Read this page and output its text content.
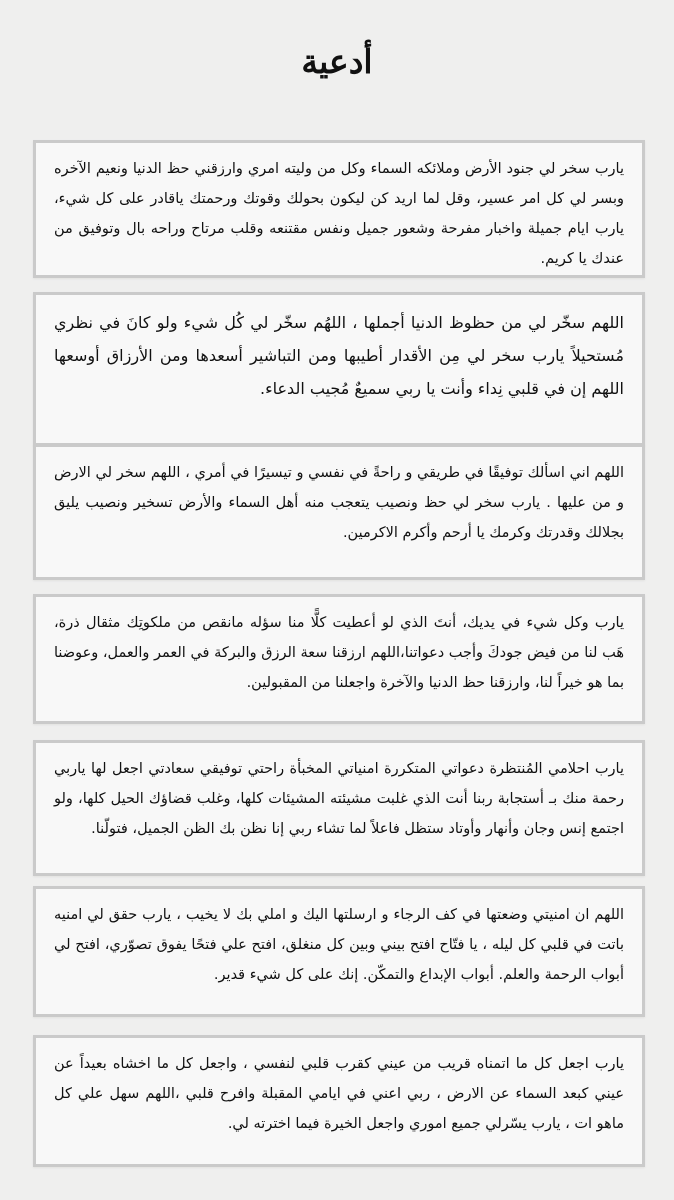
أدعية

يارب سخر لي جنود الأرض وملائكه السماء وكل من وليته امري وارزقني حظ الدنيا ونعيم الآخره وبسر لي كل امر عسير، وقل لما اريد كن ليكون بحولك وقوتك ورحمتك ياقادر على كل شيء، يارب ايام جميلة واخبار مفرحة وشعور جميل ونفس مقتنعه وقلب مرتاح وراحه بال وتوفيق من عندك يا كريم.

اللهم سخّر لي من حظوظ الدنيا أجملها ، اللهُم سخّر لي كُل شيء ولو كانَ في نظري مُستحيلاً يارب سخر لي مِن الأقدار أطيبها ومن التباشير أسعدها ومن الأرزاق أوسعها اللهم إن في قلبي نِداء وأنت يا ربي سميعٌ مُجيب الدعاء.

اللهم اني اسألك توفيقًا في طريقي و راحةً في نفسي و تيسيرًا في أمري ، اللهم سخر لي الارض و من عليها . يارب سخر لي حظ ونصيب يتعجب منه أهل السماء والأرض تسخير ونصيب يليق بجلالك وقدرتك وكرمك يا أرحم وأكرم الاكرمين.

يارب وكل شيء في يديك، أنتَ الذي لو أعطيت كلًّا منا سؤله مانقص من ملكوتِك مثقال ذرة، هَب لنا من فيض جودكَ وأجب دعواتنا،اللهم ارزقنا سعة الرزق والبركة في العمر والعمل، وعوضنا بما هو خيراً لنا، وارزقنا حظ الدنيا والآخرة واجعلنا من المقبولين.

يارب احلامي المُنتظرة دعواتي المتكررة امنياتي المخبأة راحتي توفيقي سعادتي اجعل لها ياربي رحمة منك بـ أستجابة ربنا أنت الذي غلبت مشيئته المشيئات كلها، وغلب قضاؤك الحيل كلها، ولو اجتمع إنس وجان وأنهار وأوتاد ستظل فاعلاً لما تشاء ربي إنا نظن بك الظن الجميل، فتولّنا.

اللهم ان امنيتي وضعتها في كف الرجاء و ارسلتها اليك و املي بك لا يخيب ، يارب حقق لي امنيه باتت في قلبي كل ليله ، يا فتّاح افتح بيني وبين كل منغلق، افتح علي فتحًا يفوق تصوّري، افتح لي أبواب الرحمة والعلم. أبواب الإبداع والتمكّن. إنك على كل شيء قدير.

يارب اجعل كل ما اتمناه قريب من عيني كقرب قلبي لنفسي ، واجعل كل ما اخشاه بعيداً عن عيني كبعد السماء عن الارض ، ربي اعني في ايامي المقبلة وافرح قلبي ،اللهم سهل علي كل ماهو ات ، يارب يسّرلي جميع اموري واجعل الخيرة فيما اخترته لي.
